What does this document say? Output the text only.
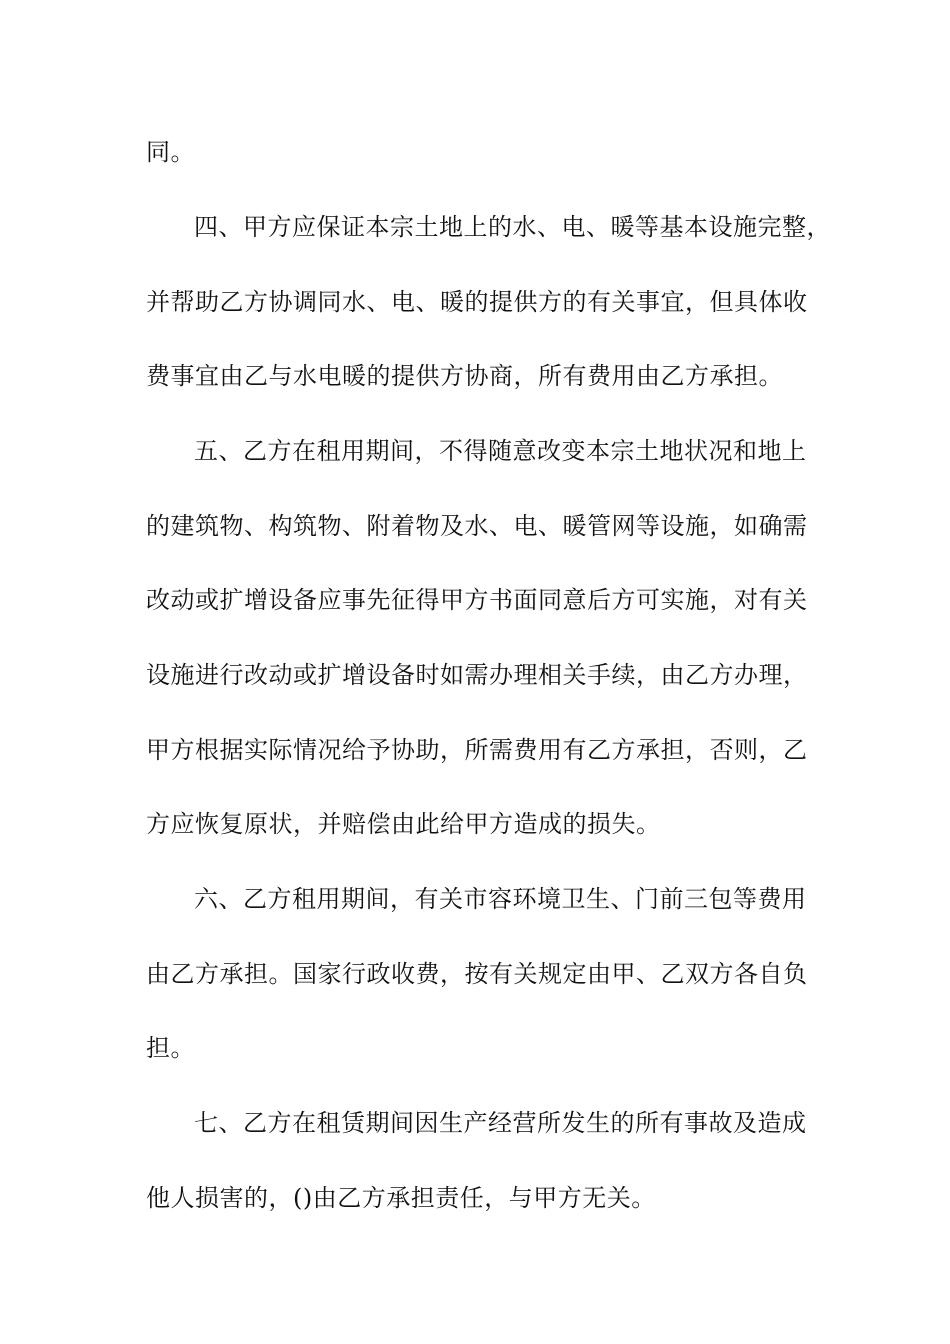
同。
四、甲方应保证本宗土地上的水、电、暖等基本设施完整，
并帮助乙方协调同水、电、暖的提供方的有关事宜，但具体收
费事宜由乙与水电暖的提供方协商，所有费用由乙方承担。
五、乙方在租用期间，不得随意改变本宗土地状况和地上
的建筑物、构筑物、附着物及水、电、暖管网等设施，如确需
改动或扩增设备应事先征得甲方书面同意后方可实施，对有关
设施进行改动或扩增设备时如需办理相关手续，由乙方办理，
甲方根据实际情况给予协助，所需费用有乙方承担，否则，乙
方应恢复原状，并赔偿由此给甲方造成的损失。
六、乙方租用期间，有关市容环境卫生、门前三包等费用
由乙方承担。国家行政收费，按有关规定由甲、乙双方各自负
担。
七、乙方在租赁期间因生产经营所发生的所有事故及造成
他人损害的，()由乙方承担责任，与甲方无关。
